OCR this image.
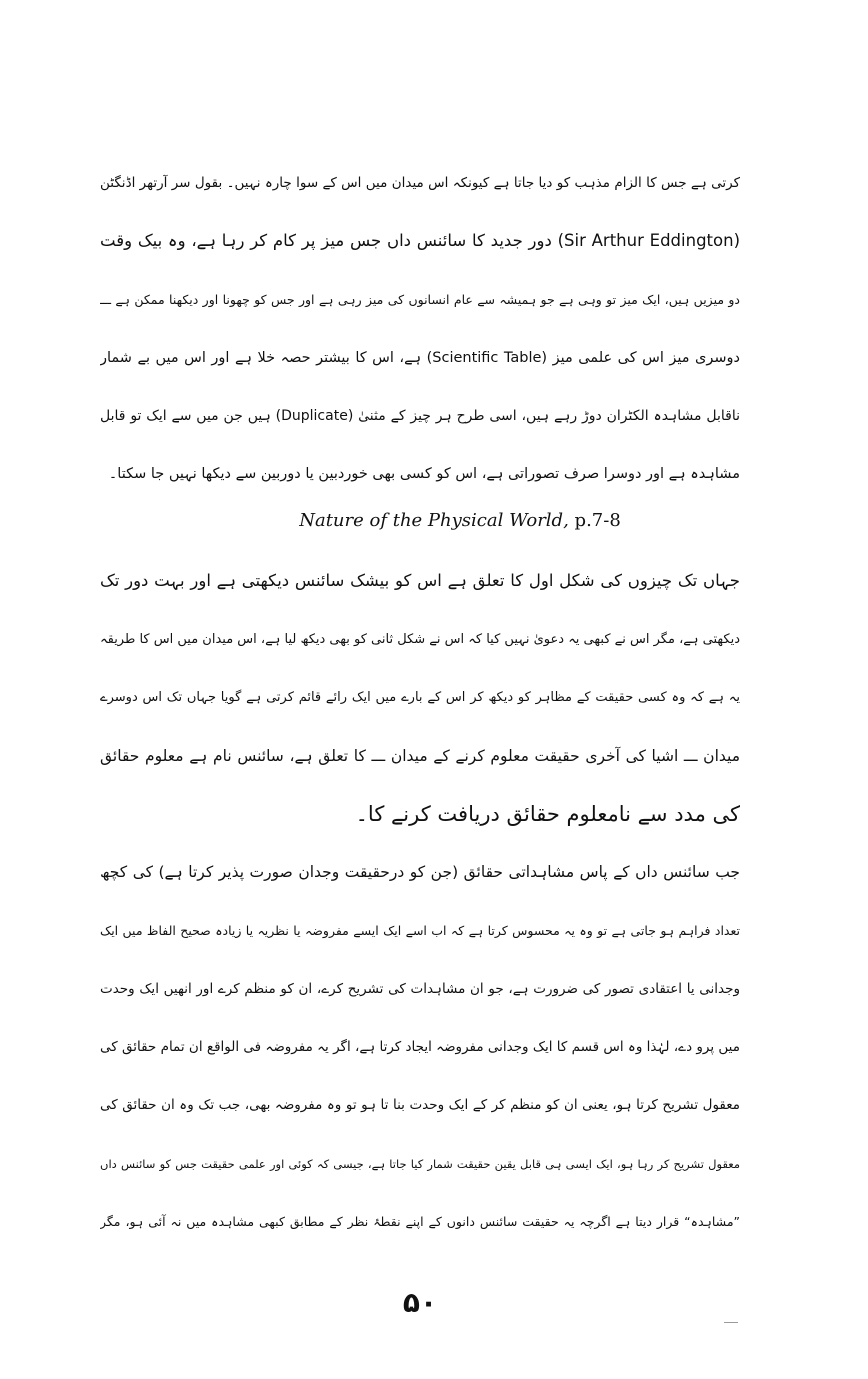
کرتی ہے جس کا الزام مذہب کو دیا جاتا ہے کیونکہ اس میدان میں اس کے سوا چارہ نہیں۔ بقول سر آرتھر اڈنگٹن
(Sir Arthur Eddington) دور جدید کا سائنس داں جس میز پر کام کر رہا ہے، وہ بیک وقت
دو میزیں ہیں، ایک میز تو وہی ہے جو ہمیشہ سے عام انسانوں کی میز رہی ہے اور جس کو چھونا اور دیکھنا ممکن ہے ـــ
دوسری میز اس کی علمی میز (Scientific Table) ہے، اس کا بیشتر حصہ خلا ہے اور اس میں بے شمار
ناقابل مشاہدہ الکٹران دوڑ رہے ہیں، اسی طرح ہر چیز کے مثنیٰ (Duplicate) ہیں جن میں سے ایک تو قابل
مشاہدہ ہے اور دوسرا صرف تصوراتی ہے، اس کو کسی بھی خوردبین یا دوربین سے دیکھا نہیں جا سکتا۔
Nature of the Physical World, p.7-8
جہاں تک چیزوں کی شکل اول کا تعلق ہے اس کو بیشک سائنس دیکھتی ہے اور بہت دور تک
دیکھتی ہے، مگر اس نے کبھی یہ دعویٰ نہیں کیا کہ اس نے شکل ثانی کو بھی دیکھ لیا ہے، اس میدان میں اس کا طریقہ
یہ ہے کہ وہ کسی حقیقت کے مظاہر کو دیکھ کر اس کے بارے میں ایک رائے قائم کرتی ہے گویا جہاں تک اس دوسرے
میدان ـــ اشیا کی آخری حقیقت معلوم کرنے کے میدان ـــ کا تعلق ہے، سائنس نام ہے معلوم حقائق
کی مدد سے نامعلوم حقائق دریافت کرنے کا۔
جب سائنس داں کے پاس مشاہداتی حقائق (جن کو درحقیقت وجدان صورت پذیر کرتا ہے) کی کچھ
تعداد فراہم ہو جاتی ہے تو وہ یہ محسوس کرتا ہے کہ اب اسے ایک ایسے مفروضہ یا نظریہ یا زیادہ صحیح الفاظ میں ایک
وجدانی یا اعتقادی تصور کی ضرورت ہے، جو ان مشاہدات کی تشریح کرے، ان کو منظم کرے اور انھیں ایک وحدت
میں پرو دے، لہٰذا وہ اس قسم کا ایک وجدانی مفروضہ ایجاد کرتا ہے، اگر یہ مفروضہ فی الواقع ان تمام حقائق کی
معقول تشریح کرتا ہو، یعنی ان کو منظم کر کے ایک وحدت بنا تا ہو تو وہ مفروضہ بھی، جب تک وہ ان حقائق کی
معقول تشریح کر رہا ہو، ایک ایسی ہی قابل یقین حقیقت شمار کیا جاتا ہے، جیسی کہ کوئی اور علمی حقیقت جس کو سائنس داں
”مشاہدہ“ قرار دیتا ہے اگرچہ یہ حقیقت سائنس دانوں کے اپنے نقطۂ نظر کے مطابق کبھی مشاہدہ میں نہ آئی ہو، مگر
۵۰
